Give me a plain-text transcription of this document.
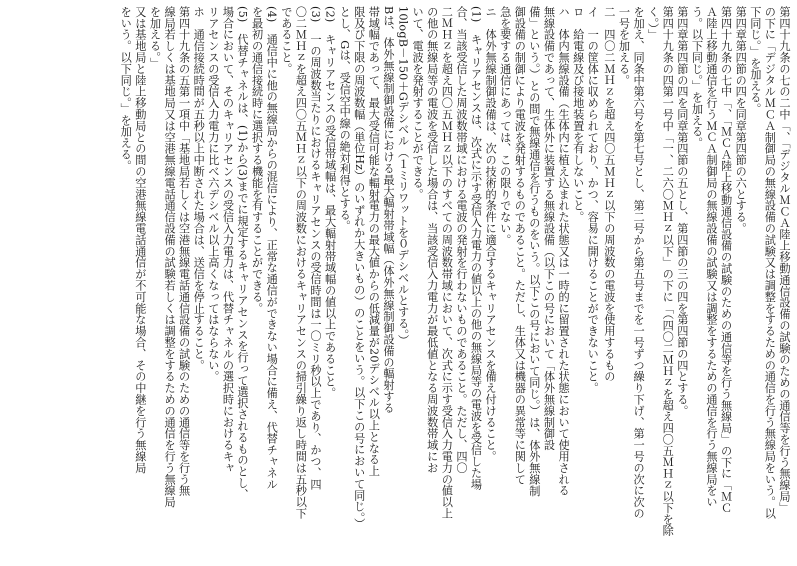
第四十九条の七の二中「、「デジタルＭＣＡ陸上移動通信設備の試験のための通信等を行う無線局」

の下に「デジタルＭＣＡ制御局の無線設備の試験又は調整をするための通信を行う無線局をいう。以

下同じ。」を加える。

第四章第四節の四を同章第四節の六とする。

第四十九条の七中「、「ＭＣＡ陸上移動通信設備の試験のための通信等を行う無線局」の下に「ＭＣ

Ａ陸上移動通信を行うＭＣＡ制御局の無線設備の試験又は調整をするための通信を行う無線局をい

う。以下同じ。」を加える。

第四章第四節の四を同章第四節の五とし、第四節の三の四を第四節の四とする。

第四十九条の四第一号中「一、二六〇ＭＨｚ以下」の下に「（四〇二ＭＨｚを超え四〇五ＭＨｚ以下を除く。）」

を加え、同条中第六号を第七号とし、第二号から第五号までを一号ずつ繰り下げ、第一号の次に次の

一号を加える。

二　四〇二ＭＨｚを超え四〇五ＭＨｚ以下の周波数の電波を使用するもの

イ　一の筐体に収められており、かつ、容易に開けることができないこと。

ロ　給電線及び接地装置を有しないこと。

ハ　体内無線設備（生体内に植え込まれた状態又は一時的に留置された状態において使用される

無線設備であって、生体外に装置する無線設備（以下この号において「体外無線制御設

備」という。）との間で無線通信を行うものをいう。以下この号において同じ。）は、体外無線制

御設備の制御により電波を発射するものであること。ただし、生体又は機器の異常等に関して

急を要する通信にあっては、この限りでない。

ニ　体外無線制御設備は、次の技術的条件に適合するキャリアセンスを備え付けること。

(1)　キャリアセンスは、次式に示す受信入力電力の値以上の他の無線局等の電波を受信した場

合、当該受信した周波数帯域における電波の発射を行わないものであること。ただし、四〇

二ＭＨｚを超え四〇五ＭＨｚ以下のすべての周波数帯域において、次式に示す受信入力電力の値以上

の他の無線局等の電波を受信した場合は、当該受信入力電力が最低値となる周波数帯域にお

いて、電波を発射することができる。

10logB－150＋Gデシベル（１ミリワットを０デシベルとする。）

Bは、体外無線制御設備における最大輻射帯域幅（体外無線制御設備の輻射する

帯域幅であって、最大受信可能な輻射電力の最大値からの低減量が20デシベル以上となる上

限及び下限の周波数幅（単位Hz）のいずれか大きいもの）のことをいう。以下この号において同じ。）

とし、Gは、受信空中線の絶対利得とする。

(2)　キャリアセンスの受信帯域幅は、最大輻射帯域幅の値以上であること。

(3)　一の周波数当たりにおけるキャリアセンスの受信時間は一〇ミリ秒以上であり、かつ、四

〇二ＭＨｚを超え四〇五ＭＨｚ以下の周波数におけるキャリアセンスの掃引繰り返し時間は五秒以下

であること。

(4)　通信中に他の無線局からの混信により、正常な通信ができない場合に備え、代替チャネル

を最初の通信接続時に選択する機能を有することができる。

(5)　代替チャネルは、(1)から(3)までに規定するキャリアセンスを行って選択されるものとし、

場合において、そのキャリアセンスの受信入力電力は、代替チャネルの選択時におけるキャ

リアセンスの受信入力電力に比べ六デシベル以上高くなってはならない。

ホ　通信接続時間が五秒以上中断された場合は、送信を停止すること。

第四十九条の五第一項中「基地局若しくは空港無線電話通信設備の試験のための通信等を行う無

線局若しくは基地局又は空港無線電話通信設備の試験若しくは調整をするための通信を行う無線局

を加える。」

又は基地局と陸上移動局との間の空港無線電話通信が不可能な場合、その中継を行う無線局

をいう。以下同じ。」を加える。
